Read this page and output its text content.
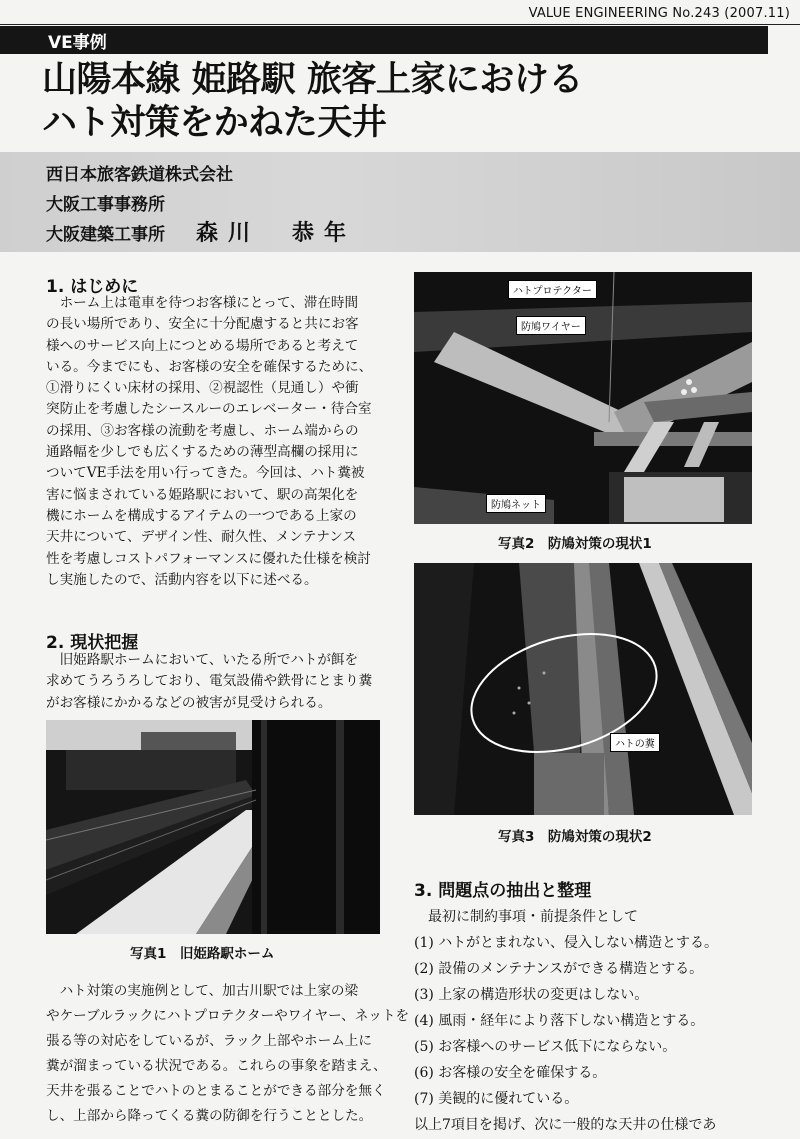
VALUE ENGINEERING No.243 (2007.11)
VE事例
山陽本線 姫路駅 旅客上家における
ハト対策をかねた天井
西日本旅客鉄道株式会社
大阪工事事務所
大阪建築工事所 森川　恭年
1. はじめに
　ホーム上は電車を待つお客様にとって、滞在時間
の長い場所であり、安全に十分配慮すると共にお客
様へのサービス向上につとめる場所であると考えて
いる。今までにも、お客様の安全を確保するために、
①滑りにくい床材の採用、②視認性（見通し）や衝
突防止を考慮したシースルーのエレベーター・待合室
の採用、③お客様の流動を考慮し、ホーム端からの
通路幅を少しでも広くするための薄型高欄の採用に
ついてVE手法を用い行ってきた。今回は、ハト糞被
害に悩まされている姫路駅において、駅の高架化を
機にホームを構成するアイテムの一つである上家の
天井について、デザイン性、耐久性、メンテナンス
性を考慮しコストパフォーマンスに優れた仕様を検討
し実施したので、活動内容を以下に述べる。
2. 現状把握
　旧姫路駅ホームにおいて、いたる所でハトが餌を
求めてうろうろしており、電気設備や鉄骨にとまり糞
がお客様にかかるなどの被害が見受けられる。
写真1　旧姫路駅ホーム
　ハト対策の実施例として、加古川駅では上家の梁
やケーブルラックにハトプロテクターやワイヤー、ネットを
張る等の対応をしているが、ラック上部やホーム上に
糞が溜まっている状況である。これらの事象を踏まえ、
天井を張ることでハトのとまることができる部分を無く
し、上部から降ってくる糞の防御を行うこととした。
ハトプロテクター
防鳩ワイヤー
防鳩ネット
写真2　防鳩対策の現状1
ハトの糞
写真3　防鳩対策の現状2
3. 問題点の抽出と整理
　最初に制約事項・前提条件として
(1) ハトがとまれない、侵入しない構造とする。
(2) 設備のメンテナンスができる構造とする。
(3) 上家の構造形状の変更はしない。
(4) 風雨・経年により落下しない構造とする。
(5) お客様へのサービス低下にならない。
(6) お客様の安全を確保する。
(7) 美観的に優れている。
以上7項目を掲げ、次に一般的な天井の仕様であ
